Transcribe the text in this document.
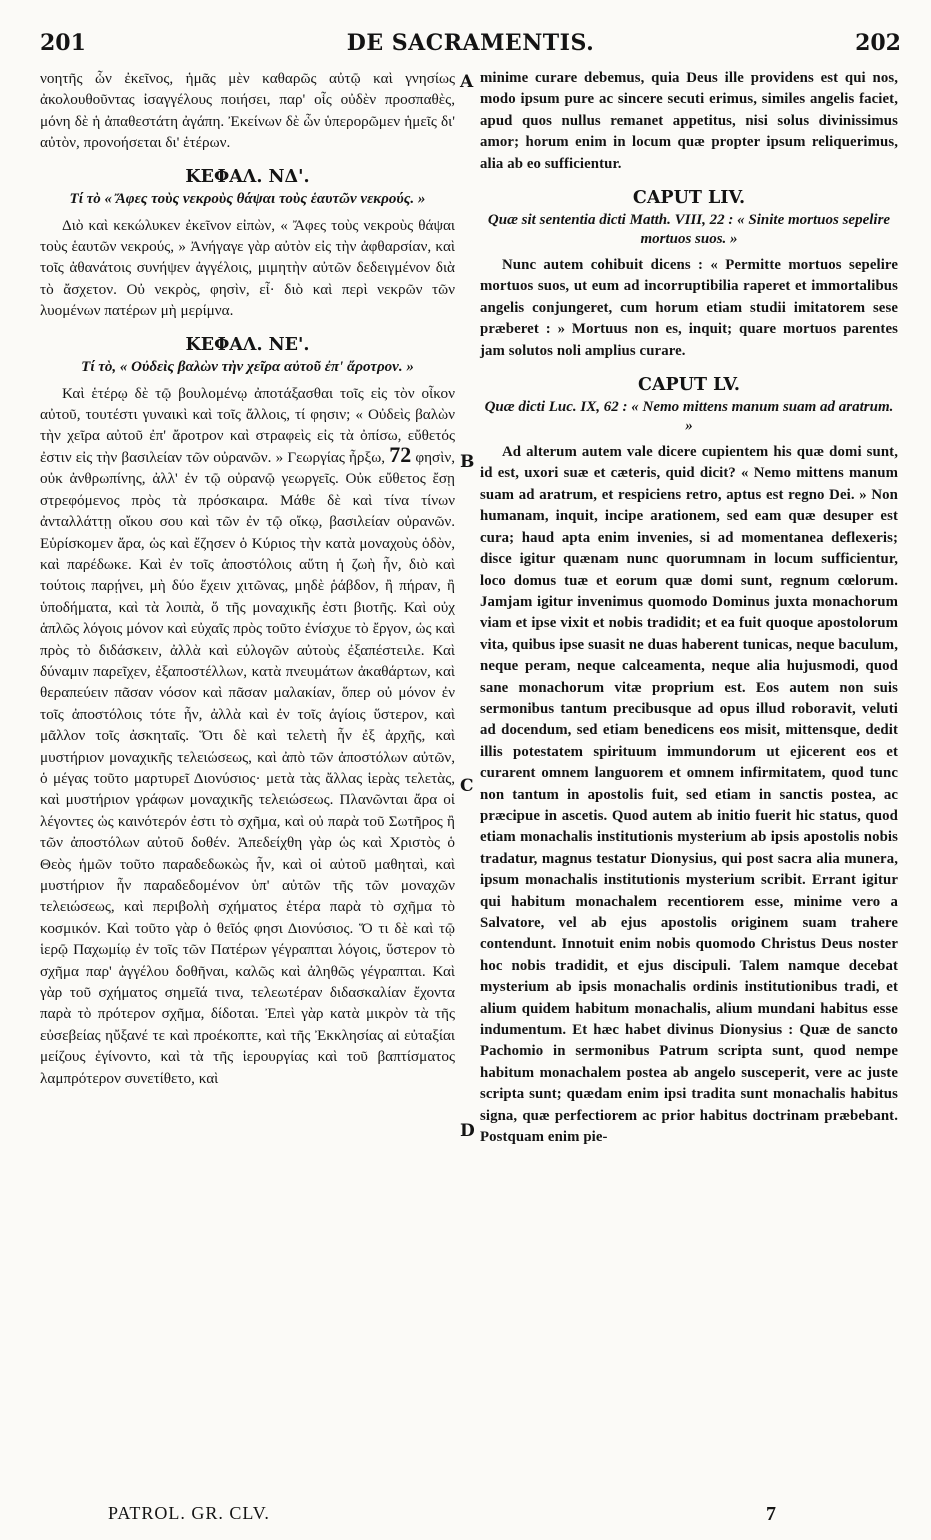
201	DE SACRAMENTIS.	202

νοητῆς ὧν ἐκεῖνος, ἡμᾶς μὲν καθαρῶς αὐτῷ καὶ γνησίως ἀκολουθοῦντας ἰσαγγέλους ποιήσει, παρ' οἷς οὐδὲν προσπαθὲς, μόνη δὲ ἡ ἀπαθεστάτη ἀγάπη. Ἐκείνων δὲ ὧν ὑπερορῶμεν ἡμεῖς δι' αὐτὸν, προνοήσεται δι' ἑτέρων.

ΚΕΦΑΛ. ΝΔ'.
Τί τὸ « Ἄφες τοὺς νεκροὺς θάψαι τοὺς ἑαυτῶν νεκρούς. »

Διὸ καὶ κεκώλυκεν ἐκεῖνον εἰπὼν, « Ἄφες τοὺς νεκροὺς θάψαι τοὺς ἑαυτῶν νεκρούς, » Ἀνήγαγε γὰρ αὐτὸν εἰς τὴν ἀφθαρσίαν, καὶ τοῖς ἀθανάτοις συνήψεν ἀγγέλοις, μιμητὴν αὐτῶν δεδειγμένον διὰ τὸ ἄσχετον. Οὐ νεκρὸς, φησὶν, εἶ· διὸ καὶ περὶ νεκρῶν τῶν λυομένων πατέρων μὴ μερίμνα.

ΚΕΦΑΛ. ΝΕ'.
Τί τὸ, « Οὐδεὶς βαλὼν τὴν χεῖρα αὐτοῦ ἐπ' ἄροτρον. »

Καὶ ἑτέρῳ δὲ τῷ βουλομένῳ ἀποτάξασθαι τοῖς εἰς τὸν οἶκον αὐτοῦ, τουτέστι γυναικὶ καὶ τοῖς ἄλλοις, τί φησιν; « Οὐδεὶς βαλὼν τὴν χεῖρα αὐτοῦ ἐπ' ἄροτρον καὶ στραφεὶς εἰς τὰ ὀπίσω, εὔθετός ἐστιν εἰς τὴν βασιλείαν τῶν οὐρανῶν. » Γεωργίας ἦρξω, 72 φησὶν, οὐκ ἀνθρωπίνης, ἀλλ' ἐν τῷ οὐρανῷ γεωργεῖς. Οὐκ εὔθετος ἔσῃ στρεφόμενος πρὸς τὰ πρόσκαιρα. Μάθε δὲ καὶ τίνα τίνων ἀνταλλάττῃ οἴκου σου καὶ τῶν ἐν τῷ οἴκῳ, βασιλείαν οὐρανῶν. Εὑρίσκομεν ἄρα, ὡς καὶ ἔζησεν ὁ Κύριος τὴν κατὰ μοναχοὺς ὁδὸν, καὶ παρέδωκε. Καὶ ἐν τοῖς ἀποστόλοις αὕτη ἡ ζωὴ ἦν, διὸ καὶ τούτοις παρῄνει, μὴ δύο ἔχειν χιτῶνας, μηδὲ ῥάβδον, ἢ πήραν, ἢ ὑποδήματα, καὶ τὰ λοιπὰ, ὅ τῆς μοναχικῆς ἐστι βιοτῆς. Καὶ οὐχ ἁπλῶς λόγοις μόνον καὶ εὐχαῖς πρὸς τοῦτο ἐνίσχυε τὸ ἔργον, ὡς καὶ πρὸς τὸ διδάσκειν, ἀλλὰ καὶ εὐλογῶν αὐτοὺς ἐξαπέστειλε. Καὶ δύναμιν παρεῖχεν, ἐξαποστέλλων, κατὰ πνευμάτων ἀκαθάρτων, καὶ θεραπεύειν πᾶσαν νόσον καὶ πᾶσαν μαλακίαν, ὅπερ οὐ μόνον ἐν τοῖς ἀποστόλοις τότε ἦν, ἀλλὰ καὶ ἐν τοῖς ἁγίοις ὕστερον, καὶ μᾶλλον τοῖς ἀσκηταῖς. Ὅτι δὲ καὶ τελετὴ ἦν ἐξ ἀρχῆς, καὶ μυστήριον μοναχικῆς τελειώσεως, καὶ ἀπὸ τῶν ἀποστόλων αὐτῶν, ὁ μέγας τοῦτο μαρτυρεῖ Διονύσιος· μετὰ τὰς ἄλλας ἱερὰς τελετὰς, καὶ μυστήριον γράφων μοναχικῆς τελειώσεως. Πλανῶνται ἄρα οἱ λέγοντες ὡς καινότερόν ἐστι τὸ σχῆμα, καὶ οὐ παρὰ τοῦ Σωτῆρος ἢ τῶν ἀποστόλων αὐτοῦ δοθέν. Ἀπεδείχθη γὰρ ὡς καὶ Χριστὸς ὁ Θεὸς ἡμῶν τοῦτο παραδεδωκὼς ἦν, καὶ οἱ αὐτοῦ μαθηταὶ, καὶ μυστήριον ἦν παραδεδομένον ὑπ' αὐτῶν τῆς τῶν μοναχῶν τελειώσεως, καὶ περιβολὴ σχήματος ἑτέρα παρὰ τὸ σχῆμα τὸ κοσμικόν. Καὶ τοῦτο γὰρ ὁ θεῖός φησι Διονύσιος. Ὅ τι δὲ καὶ τῷ ἱερῷ Παχωμίῳ ἐν τοῖς τῶν Πατέρων γέγραπται λόγοις, ὕστερον τὸ σχῆμα παρ' ἀγγέλου δοθῆναι, καλῶς καὶ ἀληθῶς γέγραπται. Καὶ γὰρ τοῦ σχήματος σημεῖά τινα, τελεωτέραν διδασκαλίαν ἔχοντα παρὰ τὸ πρότερον σχῆμα, δίδοται. Ἐπεὶ γὰρ κατὰ μικρὸν τὰ τῆς εὐσεβείας ηὔξανέ τε καὶ προέκοπτε, καὶ τῆς Ἐκκλησίας αἱ εὐταξίαι μείζους ἐγίνοντο, καὶ τὰ τῆς ἱερουργίας καὶ τοῦ βαπτίσματος λαμπρότερον συνετίθετο, καὶ

A
B
C
D

minime curare debemus, quia Deus ille providens est qui nos, modo ipsum pure ac sincere secuti erimus, similes angelis faciet, apud quos nullus remanet appetitus, nisi solus divinissimus amor; horum enim in locum quæ propter ipsum reliquerimus, alia ab eo sufficientur.

CAPUT LIV.
Quæ sit sententia dicti Matth. VIII, 22 : « Sinite mortuos sepelire mortuos suos. »

Nunc autem cohibuit dicens : « Permitte mortuos sepelire mortuos suos, ut eum ad incorruptibilia raperet et immortalibus angelis conjungeret, cum horum etiam studii imitatorem sese præberet : » Mortuus non es, inquit; quare mortuos parentes jam solutos noli amplius curare.

CAPUT LV.
Quæ dicti Luc. IX, 62 : « Nemo mittens manum suam ad aratrum. »

Ad alterum autem vale dicere cupientem his quæ domi sunt, id est, uxori suæ et cæteris, quid dicit? « Nemo mittens manum suam ad aratrum, et respiciens retro, aptus est regno Dei. » Non humanam, inquit, incipe arationem, sed eam quæ desuper est cura; haud apta enim invenies, si ad momentanea deflexeris; disce igitur quænam nunc quorumnam in locum sufficientur, loco domus tuæ et eorum quæ domi sunt, regnum cœlorum. Jamjam igitur invenimus quomodo Dominus juxta monachorum viam et ipse vixit et nobis tradidit; et ea fuit quoque apostolorum vita, quibus ipse suasit ne duas haberent tunicas, neque baculum, neque peram, neque calceamenta, neque alia hujusmodi, quod sane monachorum vitæ proprium est. Eos autem non suis sermonibus tantum precibusque ad opus illud roboravit, veluti ad docendum, sed etiam benedicens eos misit, mittensque, dedit illis potestatem spirituum immundorum ut ejicerent eos et curarent omnem languorem et omnem infirmitatem, quod tunc non tantum in apostolis fuit, sed etiam in sanctis postea, ac præcipue in ascetis. Quod autem ab initio fuerit hic status, quod etiam monachalis institutionis mysterium ab ipsis apostolis nobis tradatur, magnus testatur Dionysius, qui post sacra alia munera, ipsum monachalis institutionis mysterium scribit. Errant igitur qui habitum monachalem recentiorem esse, minime vero a Salvatore, vel ab ejus apostolis originem suam trahere contendunt. Innotuit enim nobis quomodo Christus Deus noster hoc nobis tradidit, et ejus discipuli. Talem namque decebat mysterium ab ipsis monachalis ordinis institutionibus tradi, et alium quidem habitum monachalis, alium mundani habitus esse indumentum. Et hæc habet divinus Dionysius : Quæ de sancto Pachomio in sermonibus Patrum scripta sunt, quod nempe habitum monachalem postea ab angelo susceperit, vere ac juste scripta sunt; quædam enim ipsi tradita sunt monachalis habitus signa, quæ perfectiorem ac prior habitus doctrinam præbebant. Postquam enim pie-

PATROL. GR. CLV.	7
